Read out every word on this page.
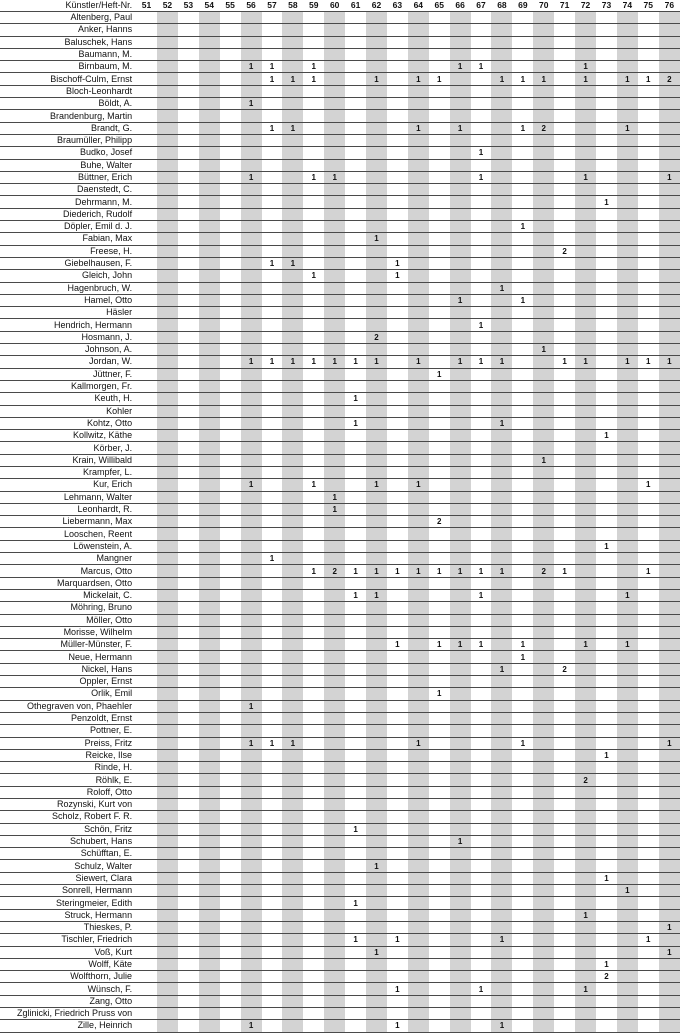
Künstler/Heft-Nr.	51	52	53	54	55	56	57	58	59	60	61	62	63	64	65	66	67	68	69	70	71	72	73	74	75	76
Altenberg, Paul																										
Anker, Hanns																										
Baluschek, Hans																										
Baumann, M.																										
Birnbaum, M.						1	1		1							1	1					1				
Bischoff-Culm, Ernst							1	1	1			1		1	1			1	1	1		1		1	1	2
Bloch-Leonhardt																										
Böldt, A.						1																				
Brandenburg, Martin																										
Brandt, G.							1	1						1		1			1	2				1		
Braumüller, Philipp																										
Budko, Josef																	1									
Buhe, Walter																										
Büttner, Erich						1			1	1							1					1				1
Daenstedt, C.																										
Dehrmann, M.																							1			
Diederich, Rudolf																										
Döpler, Emil d. J.																			1							
Fabian, Max												1														
Freese, H.																					2					
Giebelhausen, F.							1	1					1													
Gleich, John									1				1													
Hagenbruch, W.																		1								
Hamel, Otto																1			1							
Häsler																										
Hendrich, Hermann																	1									
Hosmann, J.												2														
Johnson, A.																				1						
Jordan, W.						1	1	1	1	1	1	1		1		1	1	1			1	1		1	1	1
Jüttner, F.															1											
Kallmorgen, Fr.																										
Keuth, H.											1															
Kohler																										
Kohtz, Otto											1							1								
Kollwitz, Käthe																							1			
Körber, J.																										
Krain, Willibald																				1						
Krampfer, L.																										
Kur, Erich						1			1			1		1											1	
Lehmann, Walter										1																
Leonhardt, R.										1																
Liebermann, Max															2											
Looschen, Reent																										
Löwenstein, A.																							1			
Mangner							1																			
Marcus, Otto									1	2	1	1	1	1	1	1	1	1		2	1				1	
Marquardsen, Otto																										
Mickelait, C.											1	1					1							1		
Möhring, Bruno																										
Möller, Otto																										
Morisse, Wilhelm																										
Müller-Münster, F.													1		1	1	1		1			1		1		
Neue, Hermann																			1							
Nickel, Hans																		1			2					
Oppler, Ernst																										
Orlik, Emil															1											
Othegraven von, Phaehler						1																				
Penzoldt, Ernst																										
Pottner, E.																										
Preiss, Fritz						1	1	1						1					1							1
Reicke, Ilse																							1			
Rinde, H.																										
Röhlk, E.																						2				
Roloff, Otto																										
Rozynski, Kurt von																										
Scholz, Robert F. R.																										
Schön, Fritz											1															
Schubert, Hans																1										
Schüfftan, E.																										
Schulz, Walter												1														
Siewert, Clara																							1			
Sonrell, Hermann																								1		
Steringmeier, Edith											1															
Struck, Hermann																						1				
Thieskes, P.																										1
Tischler, Friedrich											1		1					1							1	
Voß, Kurt												1														1
Wolff, Käte																							1			
Wolfthorn, Julie																							2			
Wünsch, F.													1				1					1				
Zang, Otto																										
Zglinicki, Friedrich Pruss von																										
Zille, Heinrich						1							1					1								
